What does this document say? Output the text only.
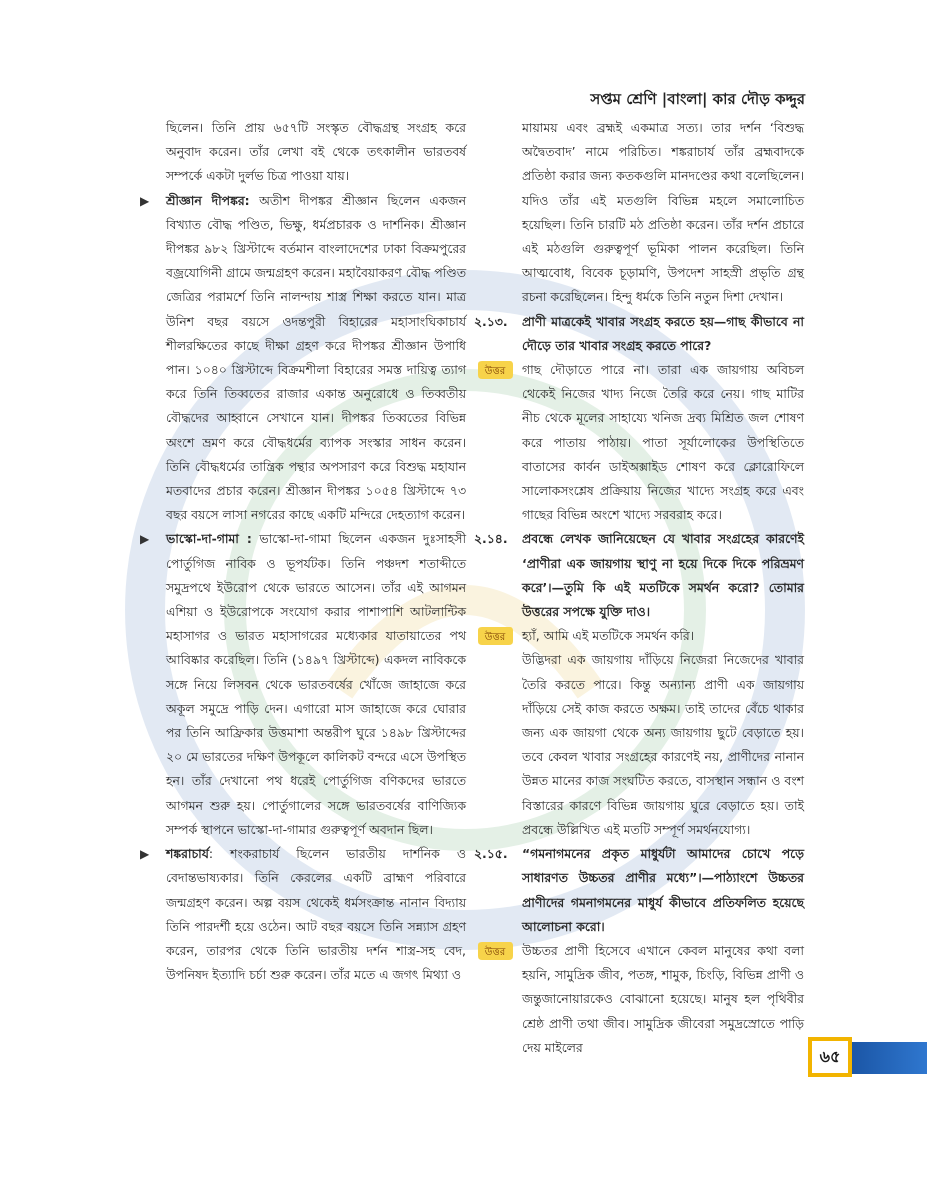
সপ্তম শ্রেণি |বাংলা| কার দৌড় কদ্দুর

ছিলেন। তিনি প্রায় ৬৫৭টি সংস্কৃত বৌদ্ধগ্রন্থ সংগ্রহ করে অনুবাদ করেন। তাঁর লেখা বই থেকে তৎকালীন ভারতবর্ষ সম্পর্কে একটা দুর্লভ চিত্র পাওয়া যায়।

▶ শ্রীজ্ঞান দীপঙ্কর: অতীশ দীপঙ্কর শ্রীজ্ঞান ছিলেন একজন বিখ্যাত বৌদ্ধ পণ্ডিত, ভিক্ষু, ধর্মপ্রচারক ও দার্শনিক। শ্রীজ্ঞান দীপঙ্কর ৯৮২ খ্রিস্টাব্দে বর্তমান বাংলাদেশের ঢাকা বিক্রমপুরের বজ্রযোগিনী গ্রামে জন্মগ্রহণ করেন। মহাবৈয়াকরণ বৌদ্ধ পণ্ডিত জেত্রির পরামর্শে তিনি নালন্দায় শাস্ত্র শিক্ষা করতে যান। মাত্র উনিশ বছর বয়সে ওদন্তপুরী বিহারের মহাসাংঘিকাচার্য শীলরক্ষিতের কাছে দীক্ষা গ্রহণ করে দীপঙ্কর শ্রীজ্ঞান উপাধি পান। ১০৪০ খ্রিস্টাব্দে বিক্রমশীলা বিহারের সমস্ত দায়িত্ব ত্যাগ করে তিনি তিব্বতের রাজার একান্ত অনুরোধে ও তিব্বতীয় বৌদ্ধদের আহ্বানে সেখানে যান। দীপঙ্কর তিব্বতের বিভিন্ন অংশে ভ্রমণ করে বৌদ্ধধর্মের ব্যাপক সংস্কার সাধন করেন। তিনি বৌদ্ধধর্মের তান্ত্রিক পন্থার অপসারণ করে বিশুদ্ধ মহাযান মতবাদের প্রচার করেন। শ্রীজ্ঞান দীপঙ্কর ১০৫৪ খ্রিস্টাব্দে ৭৩ বছর বয়সে লাসা নগরের কাছে একটি মন্দিরে দেহত্যাগ করেন।

▶ ভাস্কো-দা-গামা : ভাস্কো-দা-গামা ছিলেন একজন দুঃসাহসী পোর্তুগিজ নাবিক ও ভূপর্যটক। তিনি পঞ্চদশ শতাব্দীতে সমুদ্রপথে ইউরোপ থেকে ভারতে আসেন। তাঁর এই আগমন এশিয়া ও ইউরোপকে সংযোগ করার পাশাপাশি আটলান্টিক মহাসাগর ও ভারত মহাসাগরের মধ্যেকার যাতায়াতের পথ আবিষ্কার করেছিল। তিনি (১৪৯৭ খ্রিস্টাব্দে) একদল নাবিককে সঙ্গে নিয়ে লিসবন থেকে ভারতবর্ষের খোঁজে জাহাজে করে অকূল সমুদ্রে পাড়ি দেন। এগারো মাস জাহাজে করে ঘোরার পর তিনি আফ্রিকার উত্তমাশা অন্তরীপ ঘুরে ১৪৯৮ খ্রিস্টাব্দের ২০ মে ভারতের দক্ষিণ উপকূলে কালিকট বন্দরে এসে উপস্থিত হন। তাঁর দেখানো পথ ধরেই পোর্তুগিজ বণিকদের ভারতে আগমন শুরু হয়। পোর্তুগালের সঙ্গে ভারতবর্ষের বাণিজ্যিক সম্পর্ক স্থাপনে ভাস্কো-দা-গামার গুরুত্বপূর্ণ অবদান ছিল।

▶ শঙ্করাচার্য: শংকরাচার্য ছিলেন ভারতীয় দার্শনিক ও বেদান্তভাষ্যকার। তিনি কেরলের একটি ব্রাহ্মণ পরিবারে জন্মগ্রহণ করেন। অল্প বয়স থেকেই ধর্মসংক্রান্ত নানান বিদ্যায় তিনি পারদর্শী হয়ে ওঠেন। আট বছর বয়সে তিনি সন্ন্যাস গ্রহণ করেন, তারপর থেকে তিনি ভারতীয় দর্শন শাস্ত্র-সহ বেদ, উপনিষদ ইত্যাদি চর্চা শুরু করেন। তাঁর মতে এ জগৎ মিথ্যা ও

মায়াময় এবং ব্রহ্মই একমাত্র সত্য। তার দর্শন ‘বিশুদ্ধ অদ্বৈতবাদ’ নামে পরিচিত। শঙ্করাচার্য তাঁর ব্রহ্মবাদকে প্রতিষ্ঠা করার জন্য কতকগুলি মানদণ্ডের কথা বলেছিলেন। যদিও তাঁর এই মতগুলি বিভিন্ন মহলে সমালোচিত হয়েছিল। তিনি চারটি মঠ প্রতিষ্ঠা করেন। তাঁর দর্শন প্রচারে এই মঠগুলি গুরুত্বপূর্ণ ভূমিকা পালন করেছিল। তিনি আত্মবোধ, বিবেক চূড়ামণি, উপদেশ সাহস্রী প্রভৃতি গ্রন্থ রচনা করেছিলেন। হিন্দু ধর্মকে তিনি নতুন দিশা দেখান।

২.১৩. প্রাণী মাত্রকেই খাবার সংগ্রহ করতে হয়—গাছ কীভাবে না দৌড়ে তার খাবার সংগ্রহ করতে পারে?

উত্তর গাছ দৌড়াতে পারে না। তারা এক জায়গায় অবিচল থেকেই নিজের খাদ্য নিজে তৈরি করে নেয়। গাছ মাটির নীচ থেকে মূলের সাহায্যে খনিজ দ্রব্য মিশ্রিত জল শোষণ করে পাতায় পাঠায়। পাতা সূর্যালোকের উপস্থিতিতে বাতাসের কার্বন ডাইঅক্সাইড শোষণ করে ক্লোরোফিলে সালোকসংশ্লেষ প্রক্রিয়ায় নিজের খাদ্যে সংগ্রহ করে এবং গাছের বিভিন্ন অংশে খাদ্যে সরবরাহ করে।

২.১৪. প্রবন্ধে লেখক জানিয়েছেন যে খাবার সংগ্রহের কারণেই ‘প্রাণীরা এক জায়গায় স্থাণু না হয়ে দিকে দিকে পরিভ্রমণ করে’।—তুমি কি এই মতটিকে সমর্থন করো? তোমার উত্তরের সপক্ষে যুক্তি দাও।

উত্তর হ্যাঁ, আমি এই মতটিকে সমর্থন করি।

উদ্ভিদরা এক জায়গায় দাঁড়িয়ে নিজেরা নিজেদের খাবার তৈরি করতে পারে। কিন্তু অন্যান্য প্রাণী এক জায়গায় দাঁড়িয়ে সেই কাজ করতে অক্ষম। তাই তাদের বেঁচে থাকার জন্য এক জায়গা থেকে অন্য জায়গায় ছুটে বেড়াতে হয়। তবে কেবল খাবার সংগ্রহের কারণেই নয়, প্রাণীদের নানান উন্নত মানের কাজ সংঘটিত করতে, বাসস্থান সন্ধান ও বংশ বিস্তারের কারণে বিভিন্ন জায়গায় ঘুরে বেড়াতে হয়। তাই প্রবন্ধে উল্লিখিত এই মতটি সম্পূর্ণ সমর্থনযোগ্য।

২.১৫. “গমনাগমনের প্রকৃত মাধুর্যটা আমাদের চোখে পড়ে সাধারণত উচ্চতর প্রাণীর মধ্যে”।—পাঠ্যাংশে উচ্চতর প্রাণীদের গমনাগমনের মাধুর্য কীভাবে প্রতিফলিত হয়েছে আলোচনা করো।

উত্তর উচ্চতর প্রাণী হিসেবে এখানে কেবল মানুষের কথা বলা হয়নি, সামুদ্রিক জীব, পতঙ্গ, শামুক, চিংড়ি, বিভিন্ন প্রাণী ও জন্তুজানোয়ারকেও বোঝানো হয়েছে। মানুষ হল পৃথিবীর শ্রেষ্ঠ প্রাণী তথা জীব। সামুদ্রিক জীবেরা সমুদ্রস্রোতে পাড়ি দেয় মাইলের	৬৫
